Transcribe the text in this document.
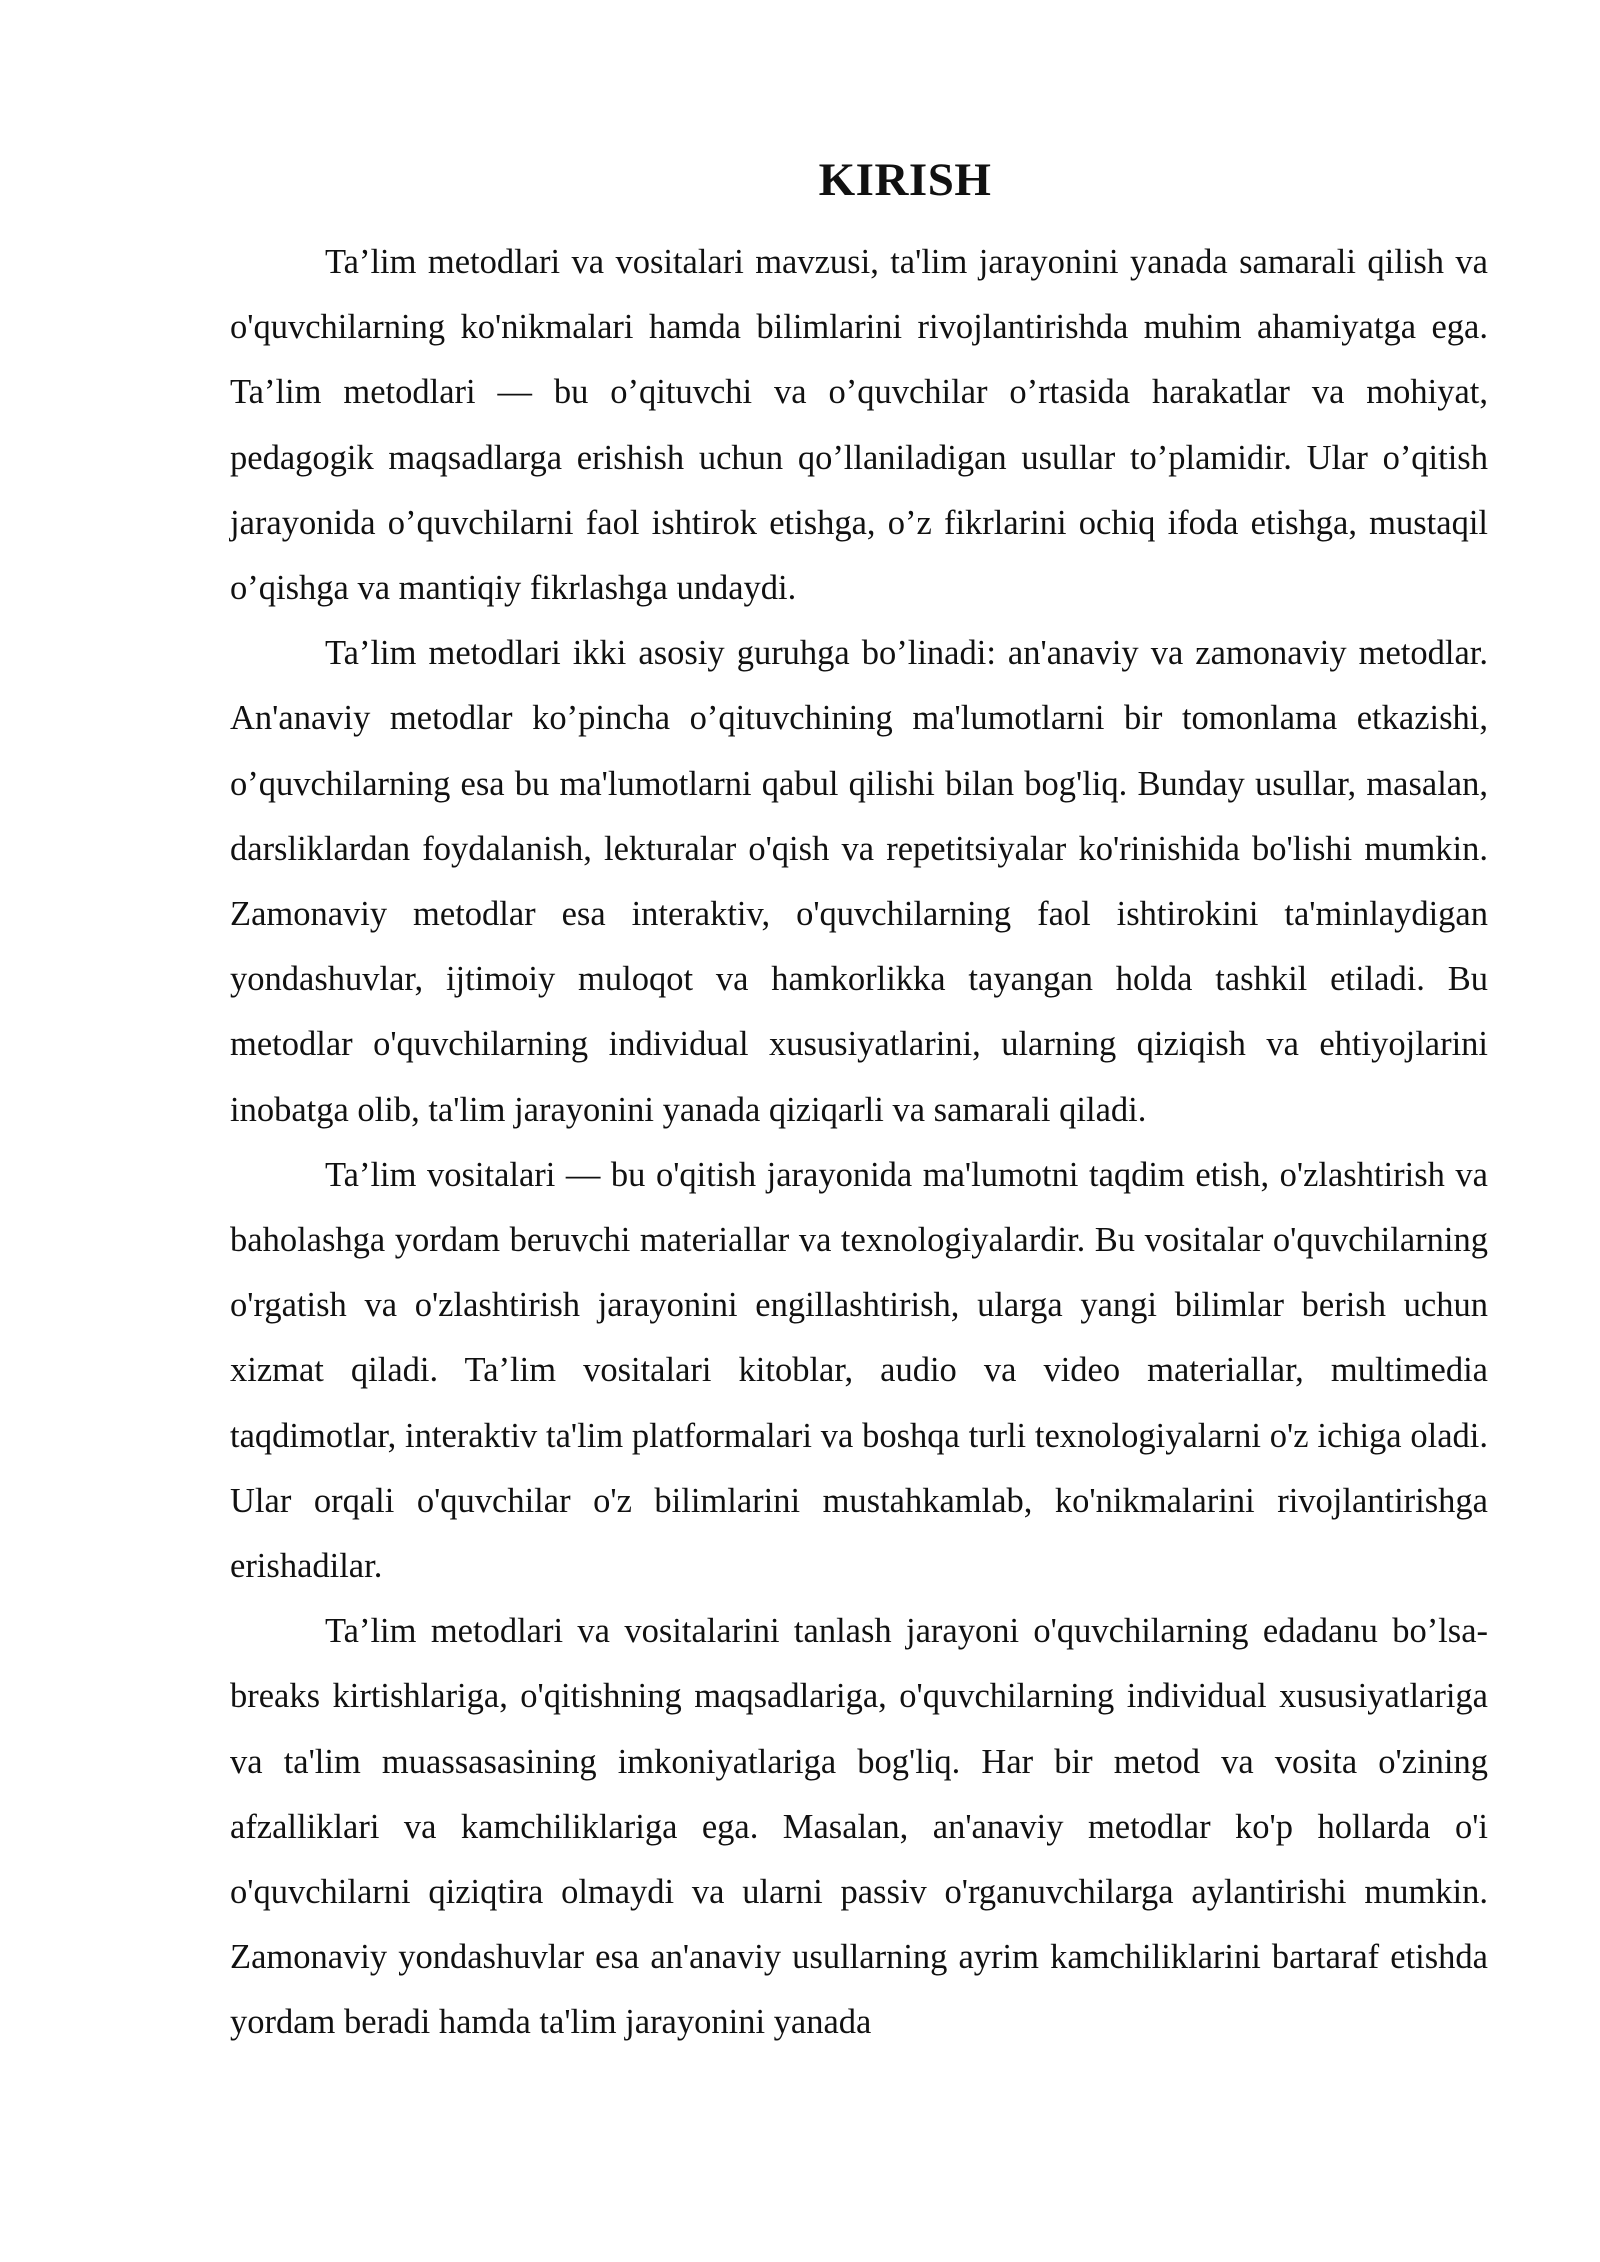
KIRISH

Ta’lim metodlari va vositalari mavzusi, ta'lim jarayonini yanada samarali qilish va o'quvchilarning ko'nikmalari hamda bilimlarini rivojlantirishda muhim ahamiyatga ega. Ta’lim metodlari — bu o’qituvchi va o’quvchilar o’rtasida harakatlar va mohiyat, pedagogik maqsadlarga erishish uchun qo’llaniladigan usullar to’plamidir. Ular o’qitish jarayonida o’quvchilarni faol ishtirok etishga, o’z fikrlarini ochiq ifoda etishga, mustaqil o’qishga va mantiqiy fikrlashga undaydi.

Ta’lim metodlari ikki asosiy guruhga bo’linadi: an'anaviy va zamonaviy metodlar. An'anaviy metodlar ko’pincha o’qituvchining ma'lumotlarni bir tomonlama etkazishi, o’quvchilarning esa bu ma'lumotlarni qabul qilishi bilan bog'liq. Bunday usullar, masalan, darsliklardan foydalanish, lekturalar o'qish va repetitsiyalar ko'rinishida bo'lishi mumkin. Zamonaviy metodlar esa interaktiv, o'quvchilarning faol ishtirokini ta'minlaydigan yondashuvlar, ijtimoiy muloqot va hamkorlikka tayangan holda tashkil etiladi. Bu metodlar o'quvchilarning individual xususiyatlarini, ularning qiziqish va ehtiyojlarini inobatga olib, ta'lim jarayonini yanada qiziqarli va samarali qiladi.

Ta’lim vositalari — bu o'qitish jarayonida ma'lumotni taqdim etish, o'zlashtirish va baholashga yordam beruvchi materiallar va texnologiyalardir. Bu vositalar o'quvchilarning o'rgatish va o'zlashtirish jarayonini engillashtirish, ularga yangi bilimlar berish uchun xizmat qiladi. Ta’lim vositalari kitoblar, audio va video materiallar, multimedia taqdimotlar, interaktiv ta'lim platformalari va boshqa turli texnologiyalarni o'z ichiga oladi. Ular orqali o'quvchilar o'z bilimlarini mustahkamlab, ko'nikmalarini rivojlantirishga erishadilar.

Ta’lim metodlari va vositalarini tanlash jarayoni o'quvchilarning edadanu bo’lsa-breaks kirtishlariga, o'qitishning maqsadlariga, o'quvchilarning individual xususiyatlariga va ta'lim muassasasining imkoniyatlariga bog'liq. Har bir metod va vosita o'zining afzalliklari va kamchiliklariga ega. Masalan, an'anaviy metodlar ko'p hollarda o'i o'quvchilarni qiziqtira olmaydi va ularni passiv o'rganuvchilarga aylantirishi mumkin. Zamonaviy yondashuvlar esa an'anaviy usullarning ayrim kamchiliklarini bartaraf etishda yordam beradi hamda ta'lim jarayonini yanada
